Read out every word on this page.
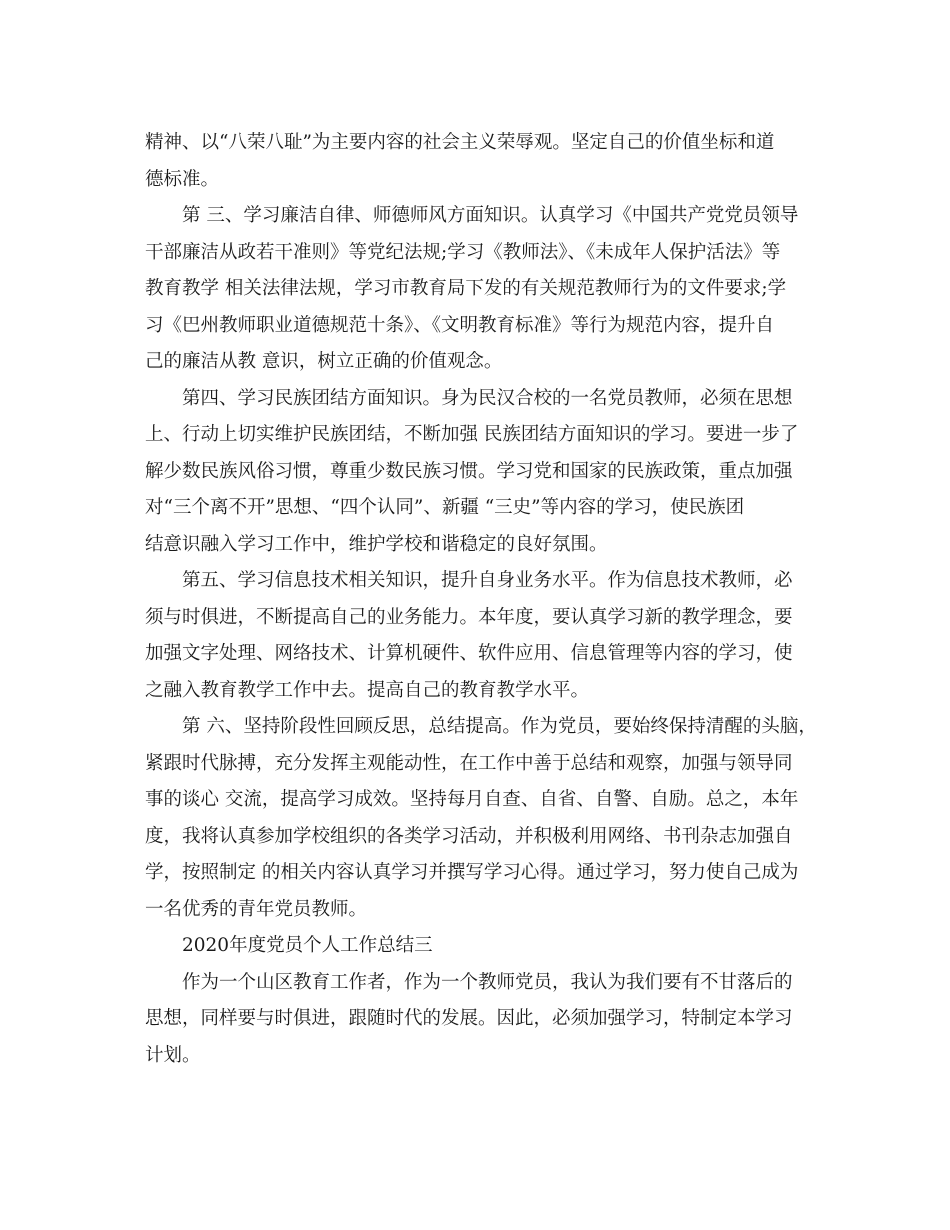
精神、以“八荣八耻”为主要内容的社会主义荣辱观。坚定自己的价值坐标和道
德标准。
第 三、学习廉洁自律、师德师风方面知识。认真学习《中国共产党党员领导
干部廉洁从政若干准则》等党纪法规;学习《教师法》、《未成年人保护活法》等
教育教学 相关法律法规，学习市教育局下发的有关规范教师行为的文件要求;学
习《巴州教师职业道德规范十条》、《文明教育标准》等行为规范内容，提升自
己的廉洁从教 意识，树立正确的价值观念。
第四、学习民族团结方面知识。身为民汉合校的一名党员教师，必须在思想
上、行动上切实维护民族团结，不断加强 民族团结方面知识的学习。要进一步了
解少数民族风俗习惯，尊重少数民族习惯。学习党和国家的民族政策，重点加强
对“三个离不开”思想、“四个认同”、新疆 “三史”等内容的学习，使民族团
结意识融入学习工作中，维护学校和谐稳定的良好氛围。
第五、学习信息技术相关知识，提升自身业务水平。作为信息技术教师，必
须与时俱进，不断提高自己的业务能力。本年度，要认真学习新的教学理念，要
加强文字处理、网络技术、计算机硬件、软件应用、信息管理等内容的学习，使
之融入教育教学工作中去。提高自己的教育教学水平。
第 六、坚持阶段性回顾反思，总结提高。作为党员，要始终保持清醒的头脑，
紧跟时代脉搏，充分发挥主观能动性，在工作中善于总结和观察，加强与领导同
事的谈心 交流，提高学习成效。坚持每月自查、自省、自警、自励。总之，本年
度，我将认真参加学校组织的各类学习活动，并积极利用网络、书刊杂志加强自
学，按照制定 的相关内容认真学习并撰写学习心得。通过学习，努力使自己成为
一名优秀的青年党员教师。
2020年度党员个人工作总结三
作为一个山区教育工作者，作为一个教师党员，我认为我们要有不甘落后的
思想，同样要与时俱进，跟随时代的发展。因此，必须加强学习，特制定本学习
计划。
